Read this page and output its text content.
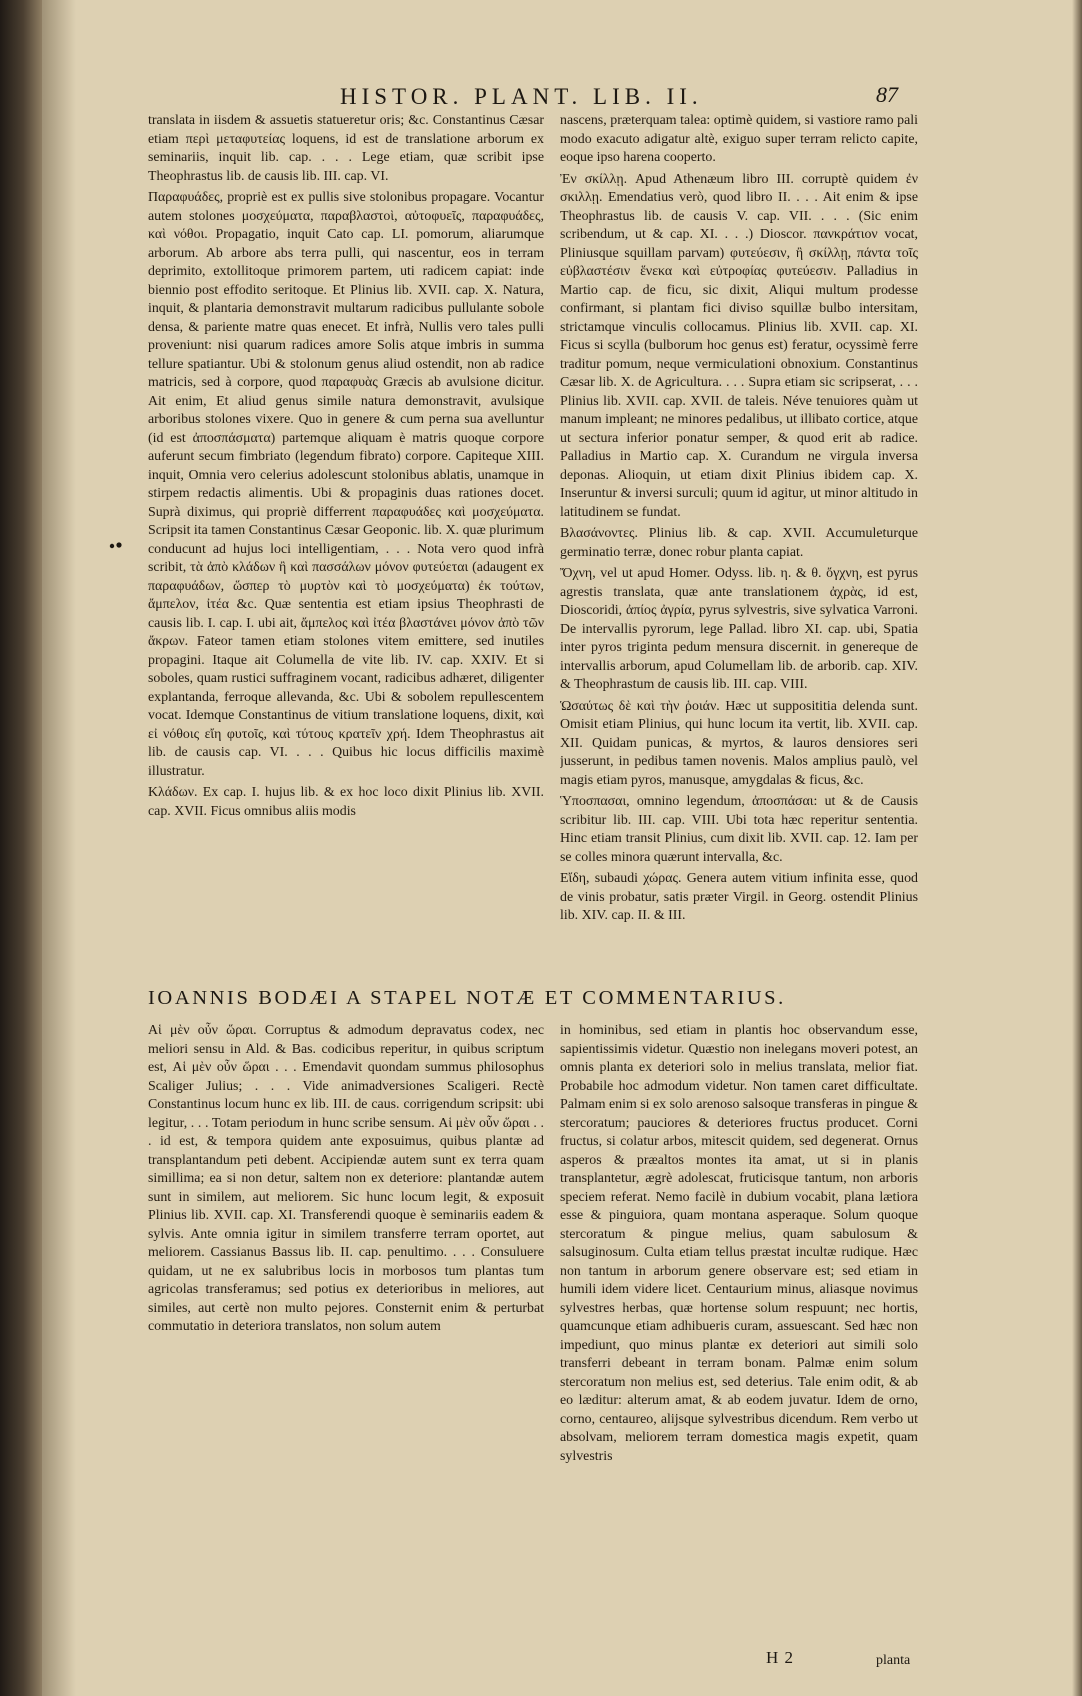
HISTOR. PLANT. LIB. II.	87

translata in iisdem & assuetis statueretur oris; &c. Constantinus Cæsar etiam περὶ μεταφυτείας loquens, id est de translatione arborum ex seminariis, inquit lib. cap. . . . Lege etiam, quæ scribit ipse Theophrastus lib. de causis lib. III. cap. VI.

Παραφυάδες, propriè est ex pullis sive stolonibus propagare. Vocantur autem stolones μοσχεύματα, παραβλαστοὶ, αὐτοφυεῖς, παραφυάδες, καὶ νόθοι. Propagatio, inquit Cato cap. LI. pomorum, aliarumque arborum. Ab arbore abs terra pulli, qui nascentur, eos in terram deprimito, extollitoque primorem partem, uti radicem capiat: inde biennio post effodito seritoque. Et Plinius lib. XVII. cap. X. Natura, inquit, & plantaria demonstravit multarum radicibus pullulante sobole densa, & pariente matre quas enecet. Et infrà, Nullis vero tales pulli proveniunt: nisi quarum radices amore Solis atque imbris in summa tellure spatiantur. Ubi & stolonum genus aliud ostendit, non ab radice matricis, sed à corpore, quod παραφυὰς Græcis ab avulsione dicitur. Ait enim, Et aliud genus simile natura demonstravit, avulsique arboribus stolones vixere. Quo in genere & cum perna sua avelluntur (id est ἀποσπάσματα) partemque aliquam è matris quoque corpore auferunt secum fimbriato (legendum fibrato) corpore. Capiteque XIII. inquit, Omnia vero celerius adolescunt stolonibus ablatis, unamque in stirpem redactis alimentis. Ubi & propaginis duas rationes docet. Suprà diximus, qui propriè differrent παραφυάδες καὶ μοσχεύματα. Scripsit ita tamen Constantinus Cæsar Geoponic. lib. X. quæ plurimum conducunt ad hujus loci intelligentiam, . . . Nota vero quod infrà scribit, τὰ ἀπὸ κλάδων ἢ καὶ πασσάλων μόνον φυτεύεται (adaugent ex παραφυάδων, ὥσπερ τὸ μυρτὸν καὶ τὸ μοσχεύματα) ἐκ τούτων, ἄμπελον, ἰτέα &c. Quæ sententia est etiam ipsius Theophrasti de causis lib. I. cap. I. ubi ait, ἄμπελος καὶ ἰτέα βλαστάνει μόνον ἀπὸ τῶν ἄκρων. Fateor tamen etiam stolones vitem emittere, sed inutiles propagini. Itaque ait Columella de vite lib. IV. cap. XXIV. Et si soboles, quam rustici suffraginem vocant, radicibus adhæret, diligenter explantanda, ferroque allevanda, &c. Ubi & sobolem repullescentem vocat. Idemque Constantinus de vitium translatione loquens, dixit, καὶ εἰ νόθοις εἴη φυτοῖς, καὶ τύτους κρατεῖν χρή. Idem Theophrastus ait lib. de causis cap. VI. . . . Quibus hic locus difficilis maximè illustratur.

Κλάδων. Ex cap. I. hujus lib. & ex hoc loco dixit Plinius lib. XVII. cap. XVII. Ficus omnibus aliis modis

nascens, præterquam talea: optimè quidem, si vastiore ramo pali modo exacuto adigatur altè, exiguo super terram relicto capite, eoque ipso harena cooperto.

Ἐν σκίλλῃ. Apud Athenæum libro III. corruptè quidem ἐν σκιλλῃ. Emendatius verò, quod libro II. . . . Ait enim & ipse Theophrastus lib. de causis V. cap. VII. . . . (Sic enim scribendum, ut & cap. XI. . . .) Dioscor. πανκράτιον vocat, Pliniusque squillam parvam) φυτεύεσιν, ἢ σκίλλῃ, πάντα τοῖς εὐβλαστέσιν ἕνεκα καὶ εὐτροφίας φυτεύεσιν. Palladius in Martio cap. de ficu, sic dixit, Aliqui multum prodesse confirmant, si plantam fici diviso squillæ bulbo intersitam, strictamque vinculis collocamus. Plinius lib. XVII. cap. XI. Ficus si scylla (bulborum hoc genus est) feratur, ocyssimè ferre traditur pomum, neque vermiculationi obnoxium. Constantinus Cæsar lib. X. de Agricultura. . . . Supra etiam sic scripserat, . . . Plinius lib. XVII. cap. XVII. de taleis. Néve tenuiores quàm ut manum impleant; ne minores pedalibus, ut illibato cortice, atque ut sectura inferior ponatur semper, & quod erit ab radice. Palladius in Martio cap. X. Curandum ne virgula inversa deponas. Alioquin, ut etiam dixit Plinius ibidem cap. X. Inseruntur & inversi surculi; quum id agitur, ut minor altitudo in latitudinem se fundat.

Βλασάνοντες. Plinius lib. & cap. XVII. Accumuleturque germinatio terræ, donec robur planta capiat.

Ὄχνη, vel ut apud Homer. Odyss. lib. η. & θ. ὄγχνη, est pyrus agrestis translata, quæ ante translationem ἀχρὰς, id est, Dioscoridi, ἀπίος ἀγρία, pyrus sylvestris, sive sylvatica Varroni. De intervallis pyrorum, lege Pallad. libro XI. cap. ubi, Spatia inter pyros triginta pedum mensura discernit. in genereque de intervallis arborum, apud Columellam lib. de arborib. cap. XIV. & Theophrastum de causis lib. III. cap. VIII.

Ὡσαύτως δὲ καὶ τὴν ῥοιάν. Hæc ut supposititia delenda sunt. Omisit etiam Plinius, qui hunc locum ita vertit, lib. XVII. cap. XII. Quidam punicas, & myrtos, & lauros densiores seri jusserunt, in pedibus tamen novenis. Malos amplius paulò, vel magis etiam pyros, manusque, amygdalas & ficus, &c.

Ὑποσπασαι, omnino legendum, ἀποσπάσαι: ut & de Causis scribitur lib. III. cap. VIII. Ubi tota hæc reperitur sententia. Hinc etiam transit Plinius, cum dixit lib. XVII. cap. 12. Iam per se colles minora quærunt intervalla, &c.

Εἴδη, subaudi χώρας. Genera autem vitium infinita esse, quod de vinis probatur, satis præter Virgil. in Georg. ostendit Plinius lib. XIV. cap. II. & III.

IOANNIS BODÆI A STAPEL NOTÆ ET COMMENTARIUS.

Αἱ μὲν οὖν ὥραι. Corruptus & admodum depravatus codex, nec meliori sensu in Ald. & Bas. codicibus reperitur, in quibus scriptum est, Αἱ μὲν οὖν ὥραι . . . Emendavit quondam summus philosophus Scaliger Julius; . . . Vide animadversiones Scaligeri. Rectè Constantinus locum hunc ex lib. III. de caus. corrigendum scripsit: ubi legitur, . . . Totam periodum in hunc scribe sensum. Αἱ μὲν οὖν ὥραι . . . id est, & tempora quidem ante exposuimus, quibus plantæ ad transplantandum peti debent. Accipiendæ autem sunt ex terra quam simillima; ea si non detur, saltem non ex deteriore: plantandæ autem sunt in similem, aut meliorem. Sic hunc locum legit, & exposuit Plinius lib. XVII. cap. XI. Transferendi quoque è seminariis eadem & sylvis. Ante omnia igitur in similem transferre terram oportet, aut meliorem. Cassianus Bassus lib. II. cap. penultimo. . . . Consuluere quidam, ut ne ex salubribus locis in morbosos tum plantas tum agricolas transferamus; sed potius ex deterioribus in meliores, aut similes, aut certè non multo pejores. Consternit enim & perturbat commutatio in deteriora translatos, non solum autem

in hominibus, sed etiam in plantis hoc observandum esse, sapientissimis videtur. Quæstio non inelegans moveri potest, an omnis planta ex deteriori solo in melius translata, melior fiat. Probabile hoc admodum videtur. Non tamen caret difficultate. Palmam enim si ex solo arenoso salsoque transferas in pingue & stercoratum; pauciores & deteriores fructus producet. Corni fructus, si colatur arbos, mitescit quidem, sed degenerat. Ornus asperos & præaltos montes ita amat, ut si in planis transplantetur, ægrè adolescat, fruticisque tantum, non arboris speciem referat. Nemo facilè in dubium vocabit, plana lætiora esse & pinguiora, quam montana asperaque. Solum quoque stercoratum & pingue melius, quam sabulosum & salsuginosum. Culta etiam tellus præstat incultæ rudique. Hæc non tantum in arborum genere observare est; sed etiam in humili idem videre licet. Centaurium minus, aliasque novimus sylvestres herbas, quæ hortense solum respuunt; nec hortis, quamcunque etiam adhibueris curam, assuescant. Sed hæc non impediunt, quo minus plantæ ex deteriori aut simili solo transferri debeant in terram bonam. Palmæ enim solum stercoratum non melius est, sed deterius. Tale enim odit, & ab eo læditur: alterum amat, & ab eodem juvatur. Idem de orno, corno, centaureo, alijsque sylvestribus dicendum. Rem verbo ut absolvam, meliorem terram domestica magis expetit, quam sylvestris

H 2	planta
